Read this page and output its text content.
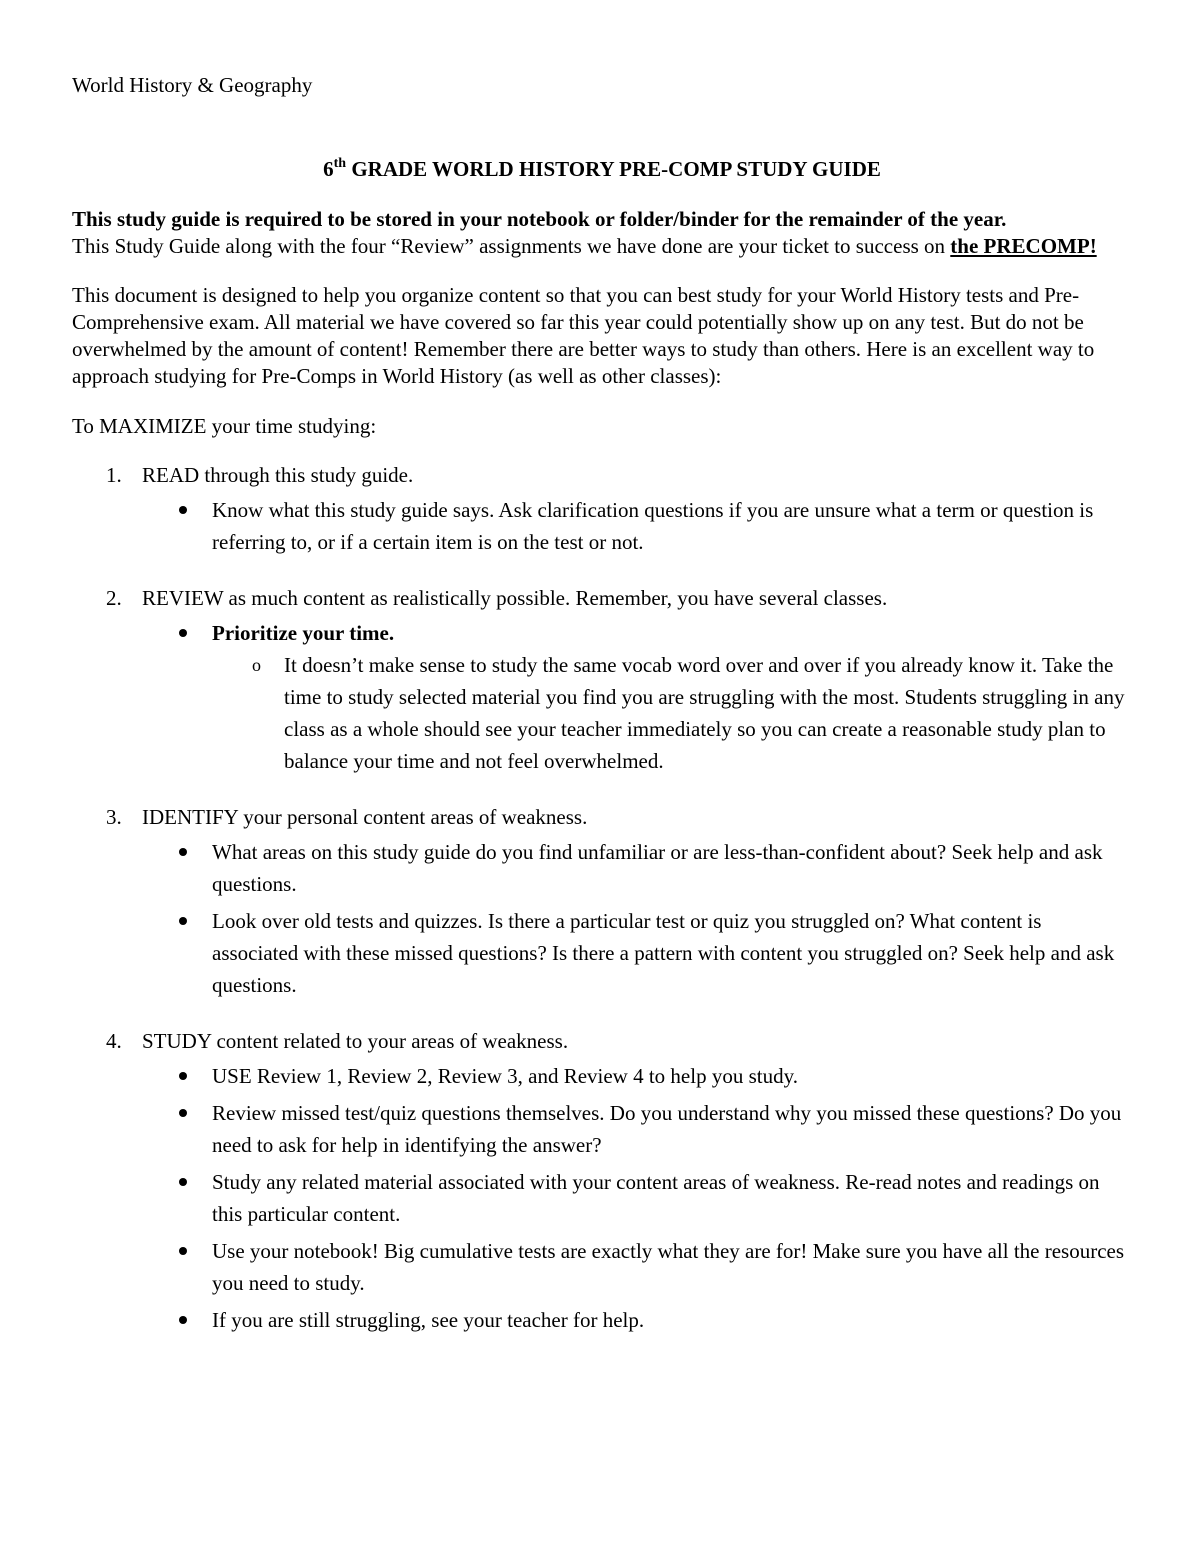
World History & Geography

6th GRADE WORLD HISTORY PRE-COMP STUDY GUIDE

This study guide is required to be stored in your notebook or folder/binder for the remainder of the year.
This Study Guide along with the four “Review” assignments we have done are your ticket to success on the PRECOMP!

This document is designed to help you organize content so that you can best study for your World History tests and Pre-Comprehensive exam. All material we have covered so far this year could potentially show up on any test. But do not be overwhelmed by the amount of content! Remember there are better ways to study than others. Here is an excellent way to approach studying for Pre-Comps in World History (as well as other classes):

To MAXIMIZE your time studying:

1. READ through this study guide.

Know what this study guide says. Ask clarification questions if you are unsure what a term or question is referring to, or if a certain item is on the test or not.

2. REVIEW as much content as realistically possible. Remember, you have several classes.

Prioritize your time.
o It doesn’t make sense to study the same vocab word over and over if you already know it. Take the time to study selected material you find you are struggling with the most. Students struggling in any class as a whole should see your teacher immediately so you can create a reasonable study plan to balance your time and not feel overwhelmed.

3. IDENTIFY your personal content areas of weakness.

What areas on this study guide do you find unfamiliar or are less-than-confident about? Seek help and ask questions.
Look over old tests and quizzes. Is there a particular test or quiz you struggled on? What content is associated with these missed questions? Is there a pattern with content you struggled on? Seek help and ask questions.

4. STUDY content related to your areas of weakness.

USE Review 1, Review 2, Review 3, and Review 4 to help you study.
Review missed test/quiz questions themselves. Do you understand why you missed these questions? Do you need to ask for help in identifying the answer?
Study any related material associated with your content areas of weakness. Re-read notes and readings on this particular content.
Use your notebook! Big cumulative tests are exactly what they are for! Make sure you have all the resources you need to study.
If you are still struggling, see your teacher for help.
